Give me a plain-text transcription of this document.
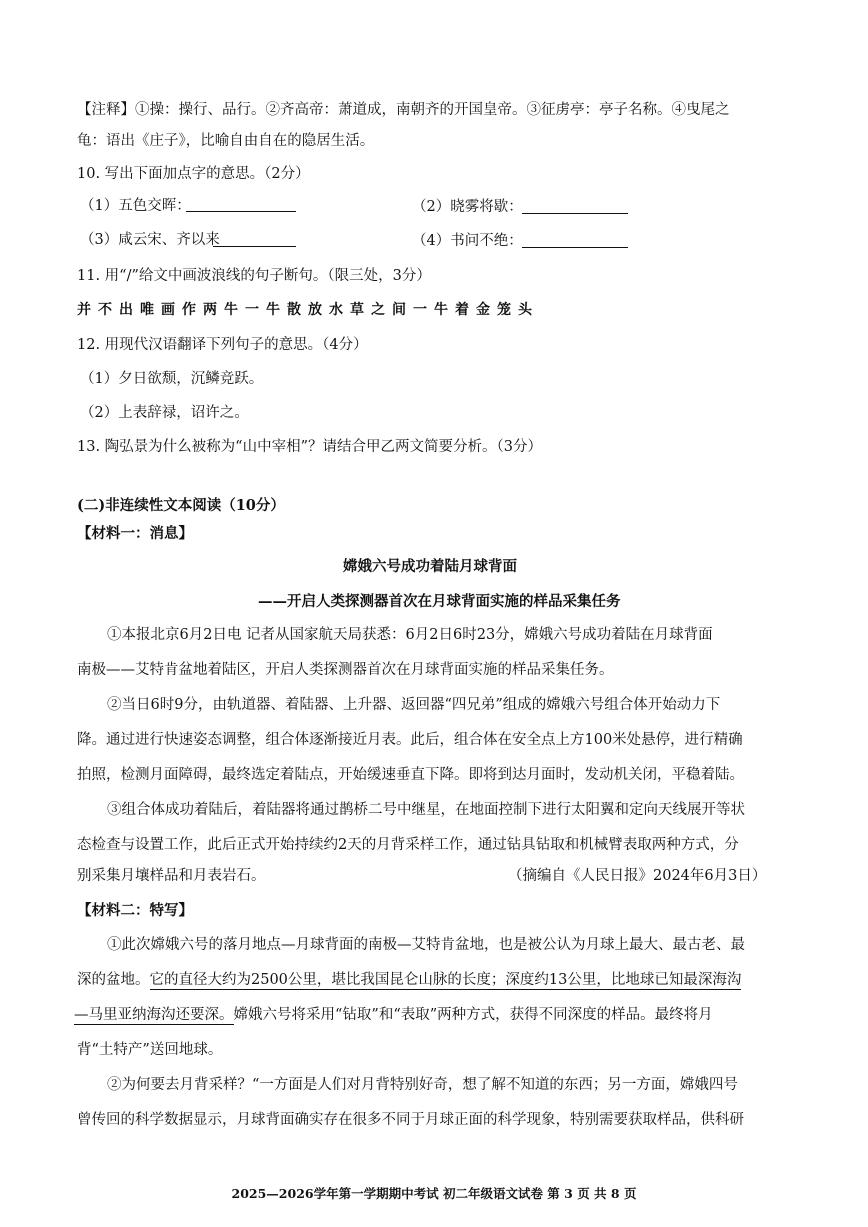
【注释】①操：操行、品行。②齐高帝：萧道成，南朝齐的开国皇帝。③征虏亭：亭子名称。④曳尾之
龟：语出《庄子》，比喻自由自在的隐居生活。
10. 写出下面加点字的意思。（2分）
（1）五色交晖：	（2）晓雾将歇：
（3）咸云宋、齐以来	（4）书问不绝：
11. 用“/”给文中画波浪线的句子断句。（限三处，3分）
并不出唯画作两牛一牛散放水草之间一牛着金笼头
12. 用现代汉语翻译下列句子的意思。（4分）
（1）夕日欲颓，沉鳞竞跃。
（2）上表辞禄，诏许之。
13. 陶弘景为什么被称为“山中宰相”？请结合甲乙两文简要分析。（3分）
(二)非连续性文本阅读（10分）
【材料一：消息】
嫦娥六号成功着陆月球背面
——开启人类探测器首次在月球背面实施的样品采集任务
①本报北京6月2日电 记者从国家航天局获悉：6月2日6时23分，嫦娥六号成功着陆在月球背面
南极——艾特肯盆地着陆区，开启人类探测器首次在月球背面实施的样品采集任务。
②当日6时9分，由轨道器、着陆器、上升器、返回器“四兄弟”组成的嫦娥六号组合体开始动力下
降。通过进行快速姿态调整，组合体逐渐接近月表。此后，组合体在安全点上方100米处悬停，进行精确
拍照，检测月面障碍，最终选定着陆点，开始缓速垂直下降。即将到达月面时，发动机关闭，平稳着陆。
③组合体成功着陆后，着陆器将通过鹊桥二号中继星，在地面控制下进行太阳翼和定向天线展开等状
态检查与设置工作，此后正式开始持续约2天的月背采样工作，通过钻具钻取和机械臂表取两种方式，分
别采集月壤样品和月表岩石。	（摘编自《人民日报》2024年6月3日）
【材料二：特写】
①此次嫦娥六号的落月地点—月球背面的南极—艾特肯盆地，也是被公认为月球上最大、最古老、最
深的盆地。它的直径大约为2500公里，堪比我国昆仑山脉的长度；深度约13公里，比地球已知最深海沟
—马里亚纳海沟还要深。嫦娥六号将采用“钻取”和“表取”两种方式，获得不同深度的样品。最终将月
背“土特产”送回地球。
②为何要去月背采样？“一方面是人们对月背特别好奇，想了解不知道的东西；另一方面，嫦娥四号
曾传回的科学数据显示，月球背面确实存在很多不同于月球正面的科学现象，特别需要获取样品，供科研
2025—2026学年第一学期期中考试 初二年级语文试卷 第 3 页 共 8 页
